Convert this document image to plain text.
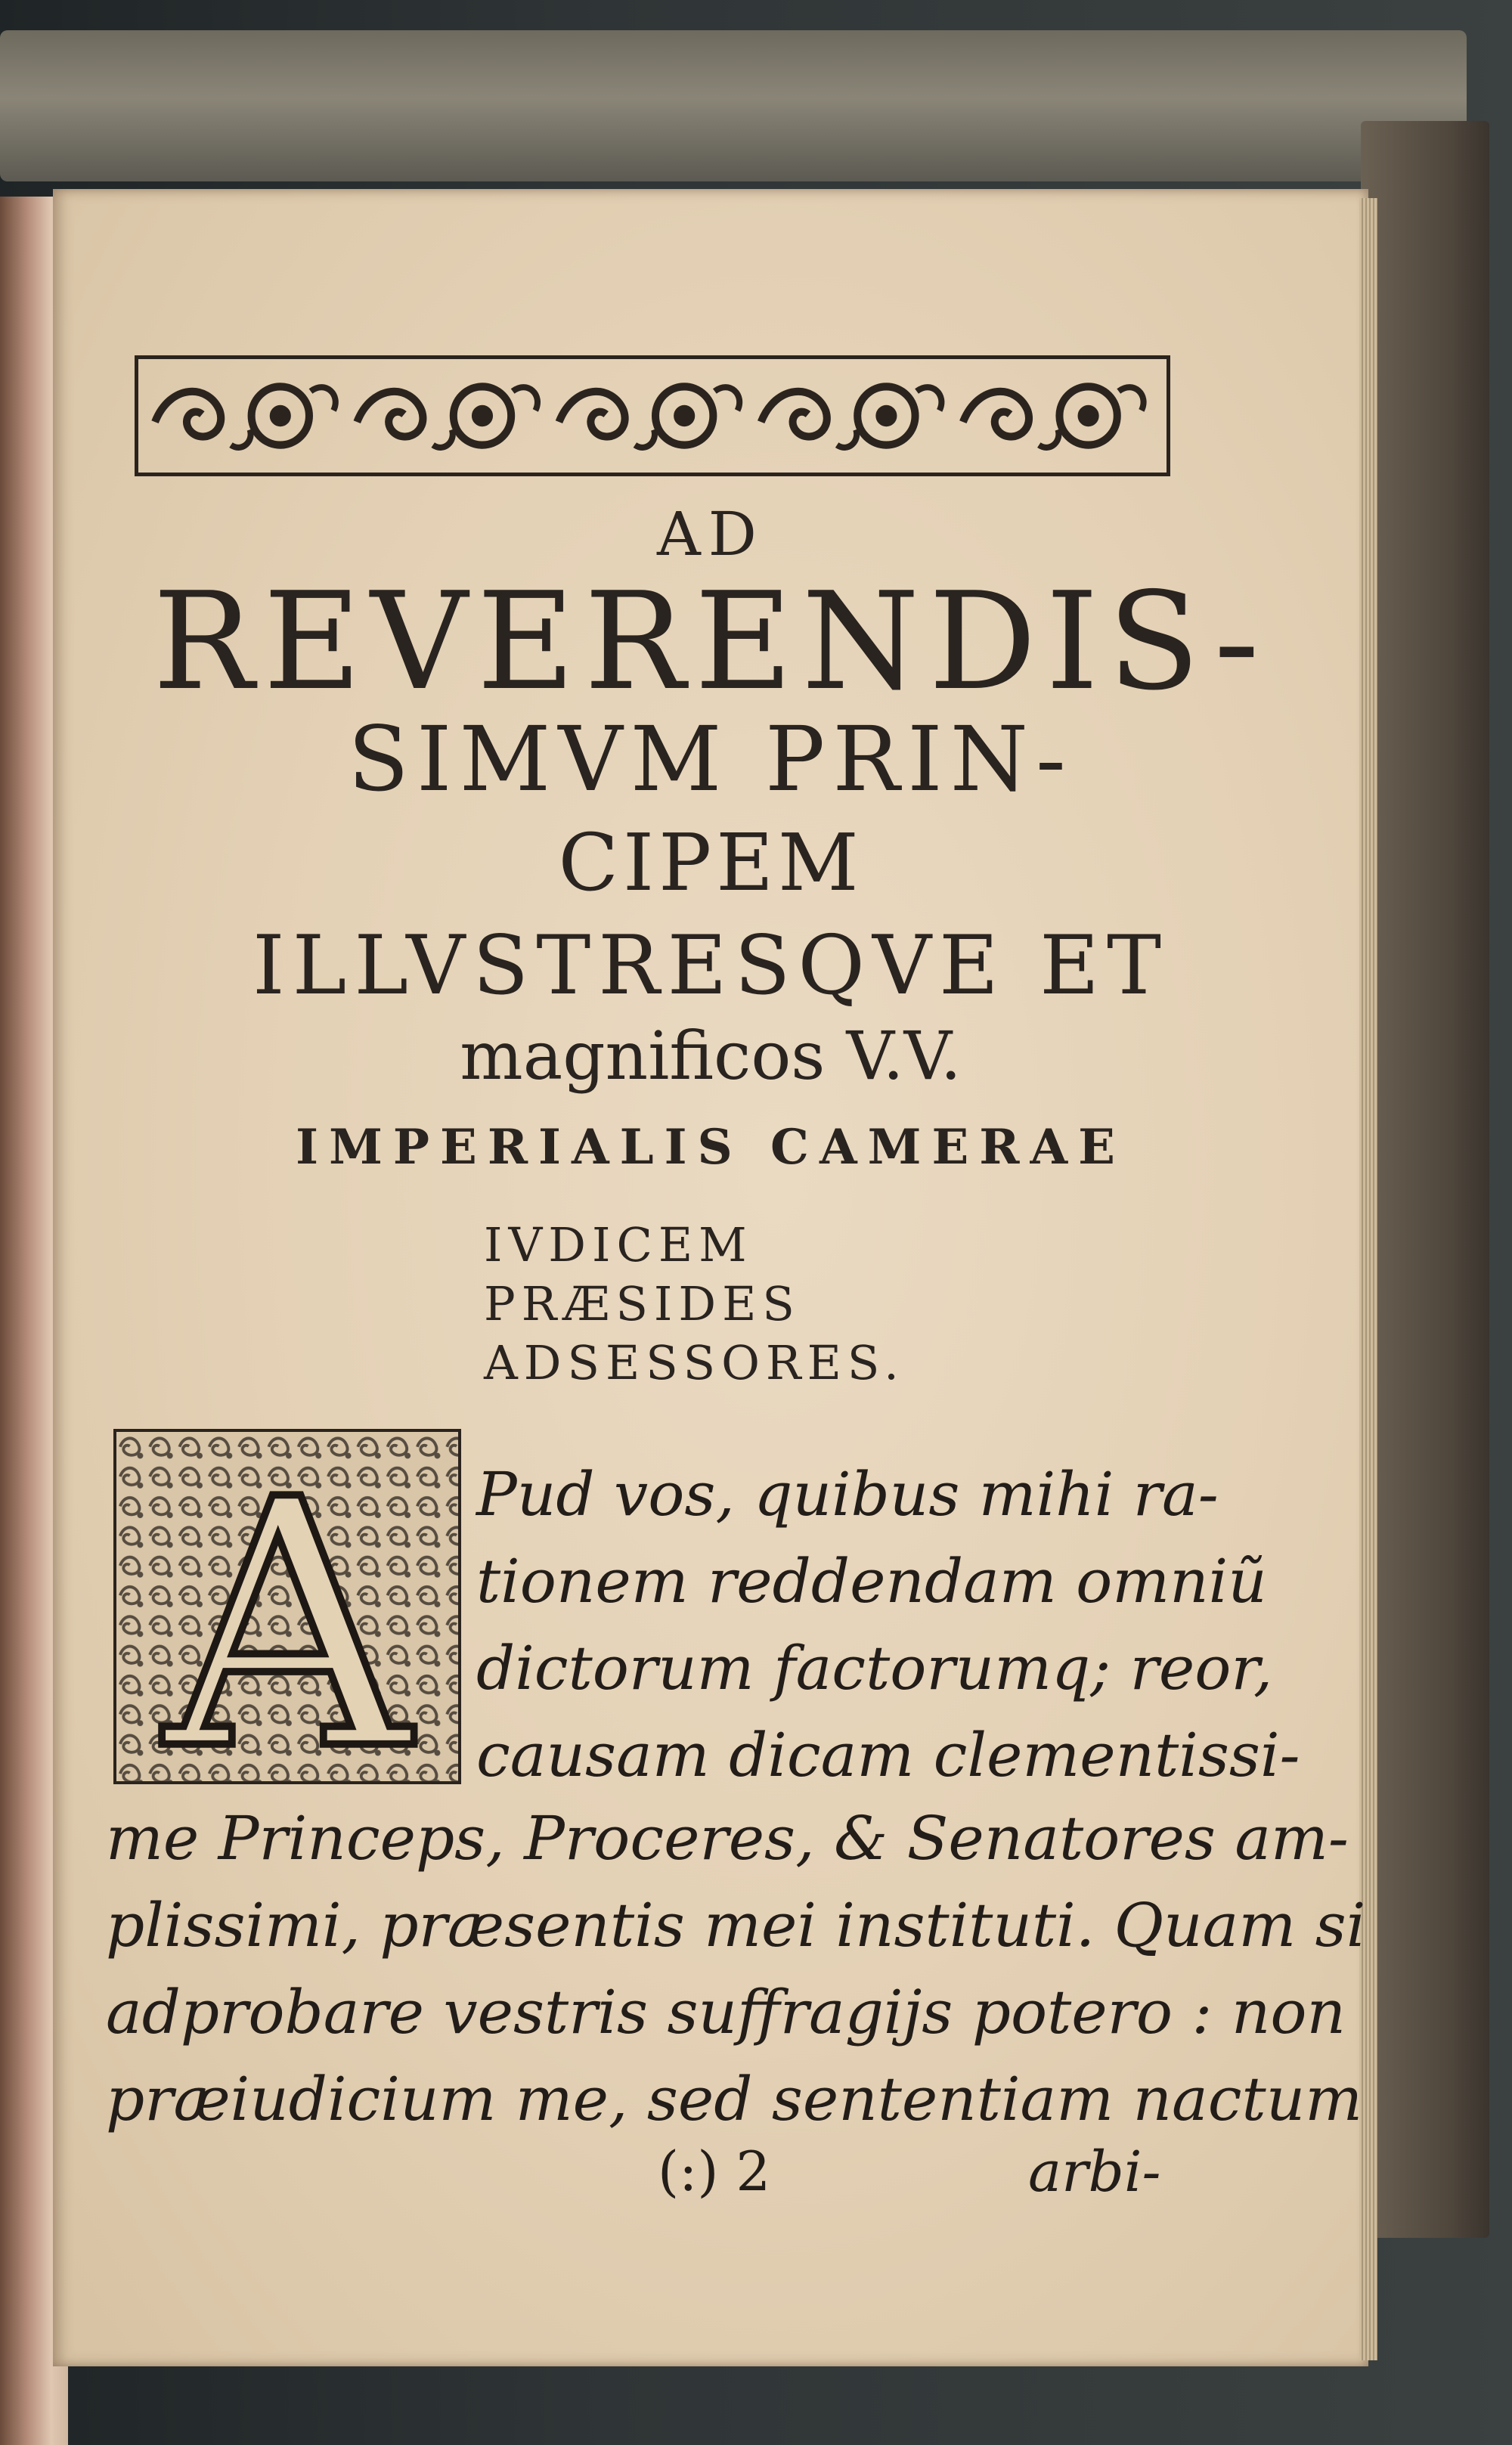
AD
REVERENDIS-
SIMVM PRIN-
CIPEM
ILLVSTRESQVE ET
magnificos V.V.
IMPERIALIS CAMERAE
IVDICEM
PRÆSIDES
ADSESSORES.
A Pud vos, quibus mihi ra-
tionem reddendam omniũ
dictorum factorumq; reor,
causam dicam clementissi-
me Princeps, Proceres, & Senatores am-
plissimi, præsentis mei instituti. Quam si
adprobare vestris suffragijs potero : non
præiudicium me, sed sententiam nactum
(:) 2	arbi-
